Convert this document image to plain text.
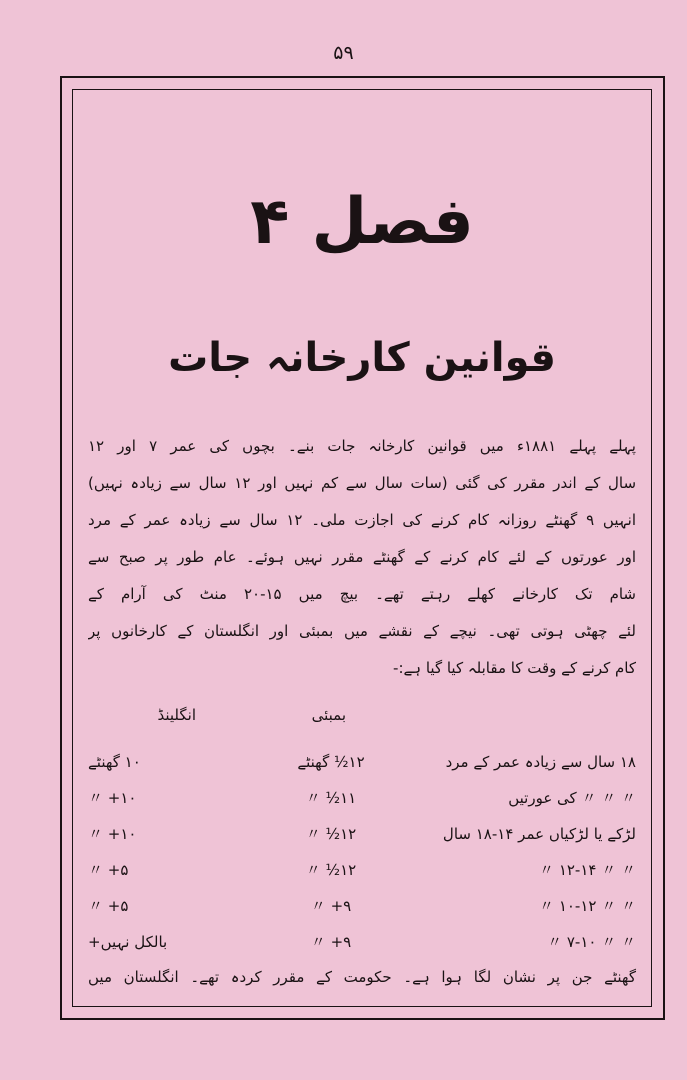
۵۹
فصل ۴
قوانین کارخانہ جات
پہلے پہلے ۱۸۸۱ء میں قوانین کارخانہ جات بنے۔ بچوں کی عمر ۷ اور ۱۲
سال کے اندر مقرر کی گئی (سات سال سے کم نہیں اور ۱۲ سال سے زیادہ نہیں)
انہیں ۹ گھنٹے روزانہ کام کرنے کی اجازت ملی۔ ۱۲ سال سے زیادہ عمر کے مرد
اور عورتوں کے لئے کام کرنے کے گھنٹے مقرر نہیں ہوئے۔ عام طور پر صبح سے
شام تک کارخانے کھلے رہتے تھے۔ بیچ میں ۱۵-۲۰ منٹ کی آرام کے
لئے چھٹی ہوتی تھی۔ نیچے کے نقشے میں بمبئی اور انگلستان کے کارخانوں پر
کام کرنے کے وقت کا مقابلہ کیا گیا ہے:-
بمبئی
انگلینڈ
۱۸ سال سے زیادہ عمر کے مرد
۱۲½ گھنٹے
۱۰ گھنٹے
〃 〃 〃 کی عورتیں
۱۱½ 〃
۱۰+ 〃
لڑکے یا لڑکیاں عمر ۱۴-۱۸ سال
۱۲½ 〃
۱۰+ 〃
〃 〃 ۱۲-۱۴ 〃
۱۲½ 〃
۵+ 〃
〃 〃 ۱۰-۱۲ 〃
۹+ 〃
۵+ 〃
〃 〃 ۷-۱۰ 〃
۹+ 〃
بالکل نہیں+
گھنٹے جن پر نشان لگا ہوا ہے۔ حکومت کے مقرر کردہ تھے۔ انگلستان میں
